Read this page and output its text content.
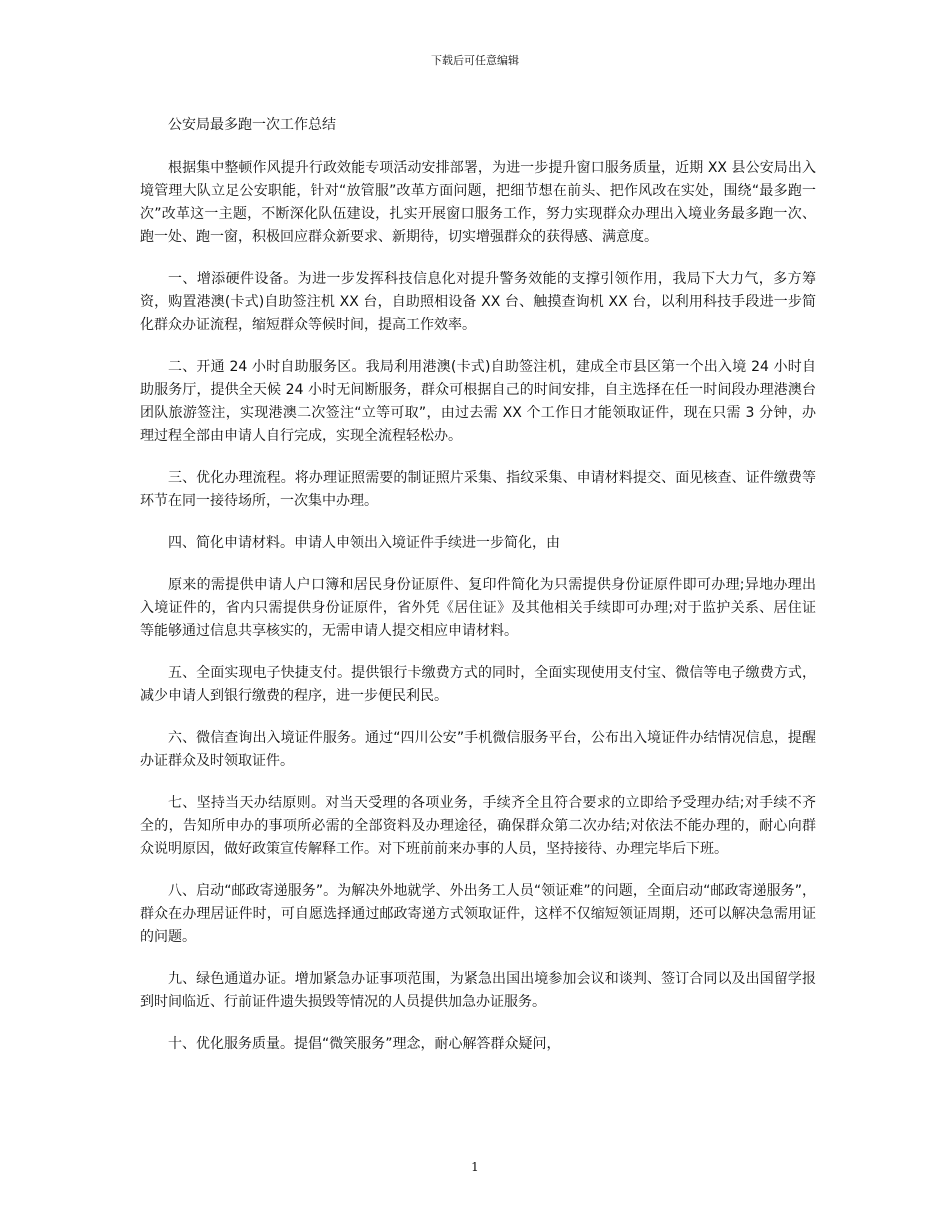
下载后可任意编辑

公安局最多跑一次工作总结

根据集中整顿作风提升行政效能专项活动安排部署，为进一步提升窗口服务质量，近期 XX 县公安局出入境管理大队立足公安职能，针对“放管服”改革方面问题，把细节想在前头、把作风改在实处，围绕“最多跑一次”改革这一主题，不断深化队伍建设，扎实开展窗口服务工作，努力实现群众办理出入境业务最多跑一次、跑一处、跑一窗，积极回应群众新要求、新期待，切实增强群众的获得感、满意度。

一、增添硬件设备。为进一步发挥科技信息化对提升警务效能的支撑引领作用，我局下大力气，多方筹资，购置港澳(卡式)自助签注机 XX 台，自助照相设备 XX 台、触摸查询机 XX 台，以利用科技手段进一步简化群众办证流程，缩短群众等候时间，提高工作效率。

二、开通 24 小时自助服务区。我局利用港澳(卡式)自助签注机，建成全市县区第一个出入境 24 小时自助服务厅，提供全天候 24 小时无间断服务，群众可根据自己的时间安排，自主选择在任一时间段办理港澳台团队旅游签注，实现港澳二次签注“立等可取”，由过去需 XX 个工作日才能领取证件，现在只需 3 分钟，办理过程全部由申请人自行完成，实现全流程轻松办。

三、优化办理流程。将办理证照需要的制证照片采集、指纹采集、申请材料提交、面见核查、证件缴费等环节在同一接待场所，一次集中办理。

四、简化申请材料。申请人申领出入境证件手续进一步简化，由

原来的需提供申请人户口簿和居民身份证原件、复印件简化为只需提供身份证原件即可办理;异地办理出入境证件的，省内只需提供身份证原件，省外凭《居住证》及其他相关手续即可办理;对于监护关系、居住证等能够通过信息共享核实的，无需申请人提交相应申请材料。

五、全面实现电子快捷支付。提供银行卡缴费方式的同时，全面实现使用支付宝、微信等电子缴费方式，减少申请人到银行缴费的程序，进一步便民利民。

六、微信查询出入境证件服务。通过“四川公安”手机微信服务平台，公布出入境证件办结情况信息，提醒办证群众及时领取证件。

七、坚持当天办结原则。对当天受理的各项业务，手续齐全且符合要求的立即给予受理办结;对手续不齐全的，告知所申办的事项所必需的全部资料及办理途径，确保群众第二次办结;对依法不能办理的，耐心向群众说明原因，做好政策宣传解释工作。对下班前前来办事的人员，坚持接待、办理完毕后下班。

八、启动“邮政寄递服务”。为解决外地就学、外出务工人员“领证难”的问题，全面启动“邮政寄递服务”，群众在办理居证件时，可自愿选择通过邮政寄递方式领取证件，这样不仅缩短领证周期，还可以解决急需用证的问题。

九、绿色通道办证。增加紧急办证事项范围，为紧急出国出境参加会议和谈判、签订合同以及出国留学报到时间临近、行前证件遗失损毁等情况的人员提供加急办证服务。

十、优化服务质量。提倡“微笑服务”理念，耐心解答群众疑问，

1
